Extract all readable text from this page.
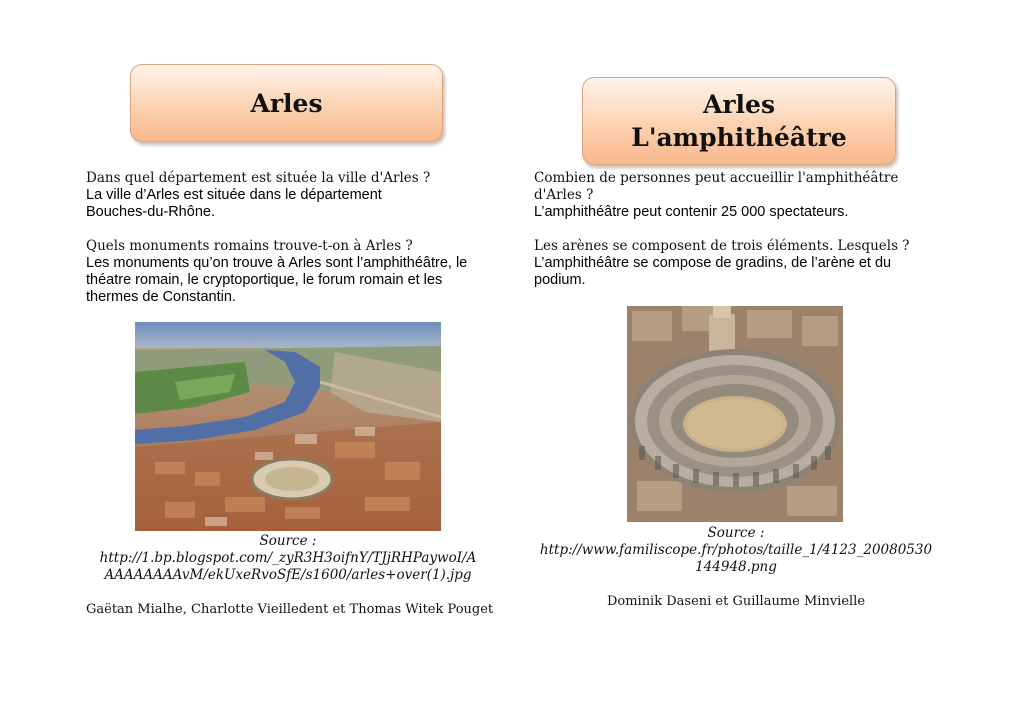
Arles
Dans quel département est située la ville d'Arles ?
La ville d’Arles est située dans le département
Bouches-du-Rhône.
Quels monuments romains trouve-t-on à Arles ?
Les monuments qu’on trouve à Arles sont l’amphithéâtre, le
théatre romain, le cryptoportique, le forum romain et les
thermes de Constantin.
Source :
http://1.bp.blogspot.com/_zyR3H3oifnY/TJjRHPaywoI/A
AAAAAAAAvM/ekUxeRvoSfE/s1600/arles+over(1).jpg
Gaëtan Mialhe, Charlotte Vieilledent et Thomas Witek Pouget
Arles
L'amphithéâtre
Combien de personnes peut accueillir l'amphithéâtre
d'Arles ?
L’amphithéâtre peut contenir 25 000 spectateurs.
Les arènes se composent de trois éléments. Lesquels ?
L’amphithéâtre se compose de gradins, de l’arène et du
podium.
Source :
http://www.familiscope.fr/photos/taille_1/4123_20080530
144948.png
Dominik Daseni et Guillaume Minvielle
